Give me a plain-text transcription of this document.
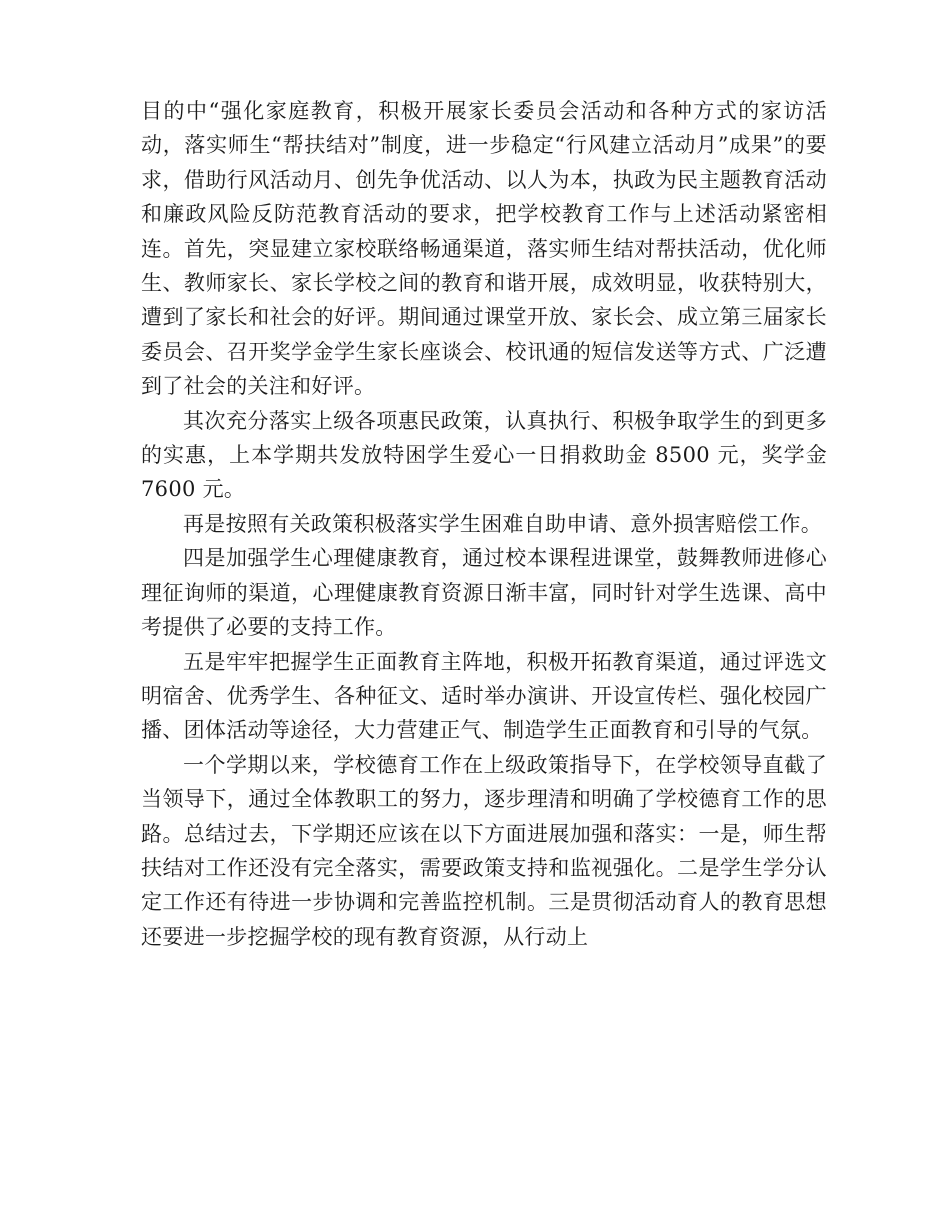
目的中“强化家庭教育，积极开展家长委员会活动和各种方式的家访活动，落实师生“帮扶结对”制度，进一步稳定“行风建立活动月”成果”的要求，借助行风活动月、创先争优活动、以人为本，执政为民主题教育活动和廉政风险反防范教育活动的要求，把学校教育工作与上述活动紧密相连。首先，突显建立家校联络畅通渠道，落实师生结对帮扶活动，优化师生、教师家长、家长学校之间的教育和谐开展，成效明显，收获特别大，遭到了家长和社会的好评。期间通过课堂开放、家长会、成立第三届家长委员会、召开奖学金学生家长座谈会、校讯通的短信发送等方式、广泛遭到了社会的关注和好评。

其次充分落实上级各项惠民政策，认真执行、积极争取学生的到更多的实惠，上本学期共发放特困学生爱心一日捐救助金 8500 元，奖学金 7600 元。

再是按照有关政策积极落实学生困难自助申请、意外损害赔偿工作。

四是加强学生心理健康教育，通过校本课程进课堂，鼓舞教师进修心理征询师的渠道，心理健康教育资源日渐丰富，同时针对学生选课、高中考提供了必要的支持工作。

五是牢牢把握学生正面教育主阵地，积极开拓教育渠道，通过评选文明宿舍、优秀学生、各种征文、适时举办演讲、开设宣传栏、强化校园广播、团体活动等途径，大力营建正气、制造学生正面教育和引导的气氛。

一个学期以来，学校德育工作在上级政策指导下，在学校领导直截了当领导下，通过全体教职工的努力，逐步理清和明确了学校德育工作的思路。总结过去，下学期还应该在以下方面进展加强和落实：一是，师生帮扶结对工作还没有完全落实，需要政策支持和监视强化。二是学生学分认定工作还有待进一步协调和完善监控机制。三是贯彻活动育人的教育思想还要进一步挖掘学校的现有教育资源，从行动上
